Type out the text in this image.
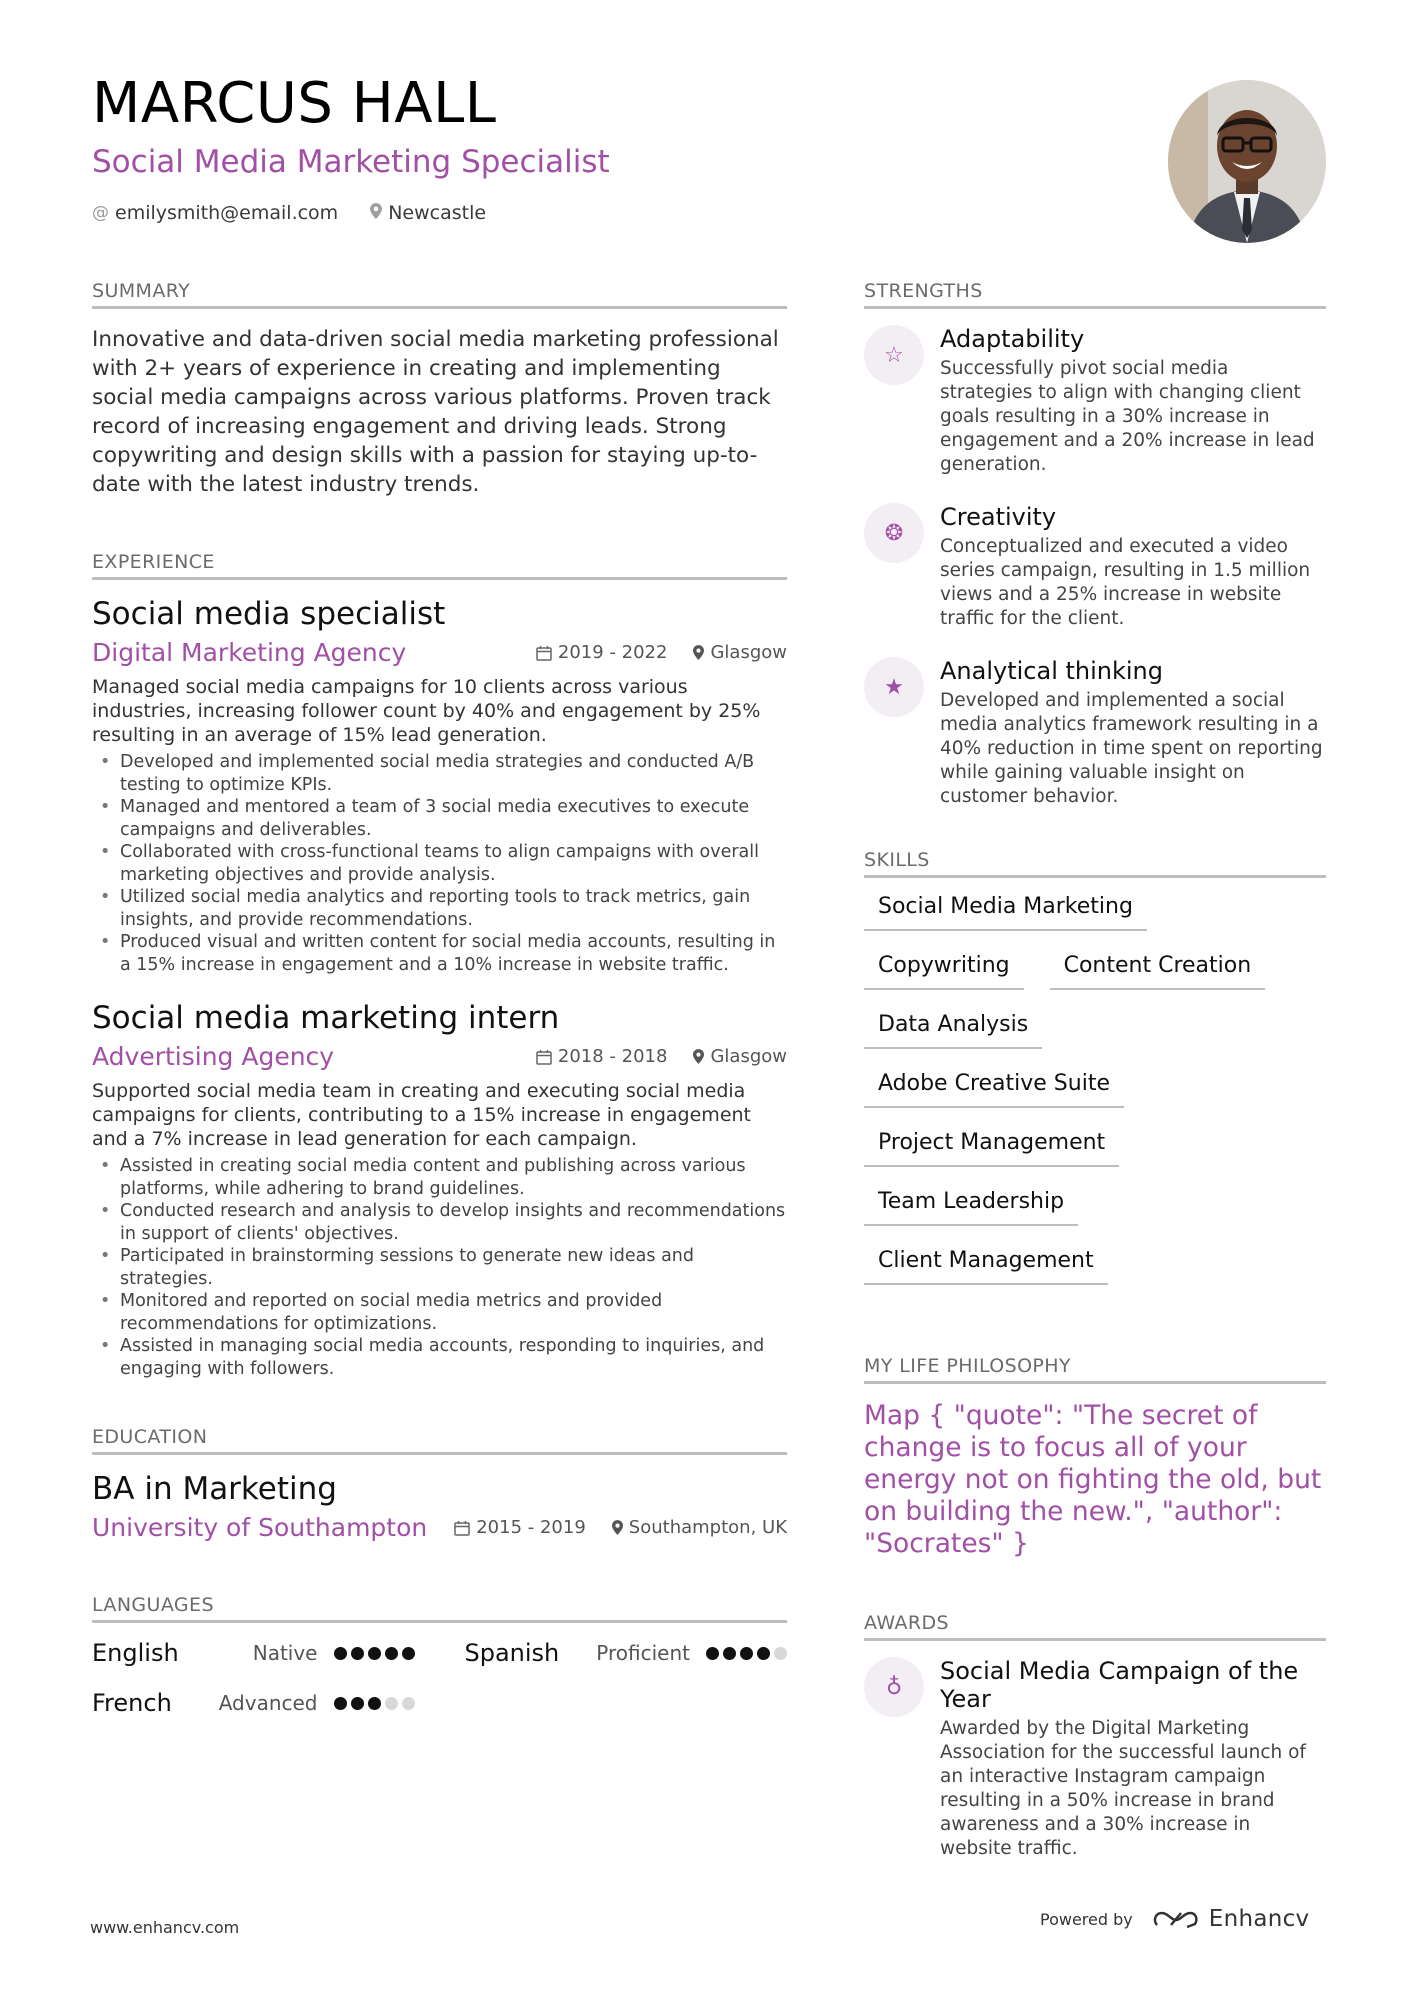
MARCUS HALL
Social Media Marketing Specialist
@ emilysmith@email.com	Newcastle
SUMMARY
Innovative and data-driven social media marketing professional with 2+ years of experience in creating and implementing social media campaigns across various platforms. Proven track record of increasing engagement and driving leads. Strong copywriting and design skills with a passion for staying up-to-date with the latest industry trends.
EXPERIENCE
Social media specialist
Digital Marketing Agency	2019 - 2022 Glasgow
Managed social media campaigns for 10 clients across various industries, increasing follower count by 40% and engagement by 25% resulting in an average of 15% lead generation.
• Developed and implemented social media strategies and conducted A/B testing to optimize KPIs.
• Managed and mentored a team of 3 social media executives to execute campaigns and deliverables.
• Collaborated with cross-functional teams to align campaigns with overall marketing objectives and provide analysis.
• Utilized social media analytics and reporting tools to track metrics, gain insights, and provide recommendations.
• Produced visual and written content for social media accounts, resulting in a 15% increase in engagement and a 10% increase in website traffic.
Social media marketing intern
Advertising Agency	2018 - 2018 Glasgow
Supported social media team in creating and executing social media campaigns for clients, contributing to a 15% increase in engagement and a 7% increase in lead generation for each campaign.
• Assisted in creating social media content and publishing across various platforms, while adhering to brand guidelines.
• Conducted research and analysis to develop insights and recommendations in support of clients' objectives.
• Participated in brainstorming sessions to generate new ideas and strategies.
• Monitored and reported on social media metrics and provided recommendations for optimizations.
• Assisted in managing social media accounts, responding to inquiries, and engaging with followers.
EDUCATION
BA in Marketing
University of Southampton	2015 - 2019 Southampton, UK
LANGUAGES
English	Native	Spanish Proficient
French Advanced
STRENGTHS
☆
Adaptability
Successfully pivot social media strategies to align with changing client goals resulting in a 30% increase in engagement and a 20% increase in lead generation.
❂
Creativity
Conceptualized and executed a video series campaign, resulting in 1.5 million views and a 25% increase in website traffic for the client.
★
Analytical thinking
Developed and implemented a social media analytics framework resulting in a 40% reduction in time spent on reporting while gaining valuable insight on customer behavior.
SKILLS
Social Media Marketing
Copywriting	Content Creation
Data Analysis
Adobe Creative Suite
Project Management
Team Leadership
Client Management
MY LIFE PHILOSOPHY
Map { "quote": "The secret of change is to focus all of your energy not on fighting the old, but on building the new.", "author": "Socrates" }
AWARDS
♁
Social Media Campaign of the Year
Awarded by the Digital Marketing Association for the successful launch of an interactive Instagram campaign resulting in a 50% increase in brand awareness and a 30% increase in website traffic.
www.enhancv.com	Powered by	Enhancv
